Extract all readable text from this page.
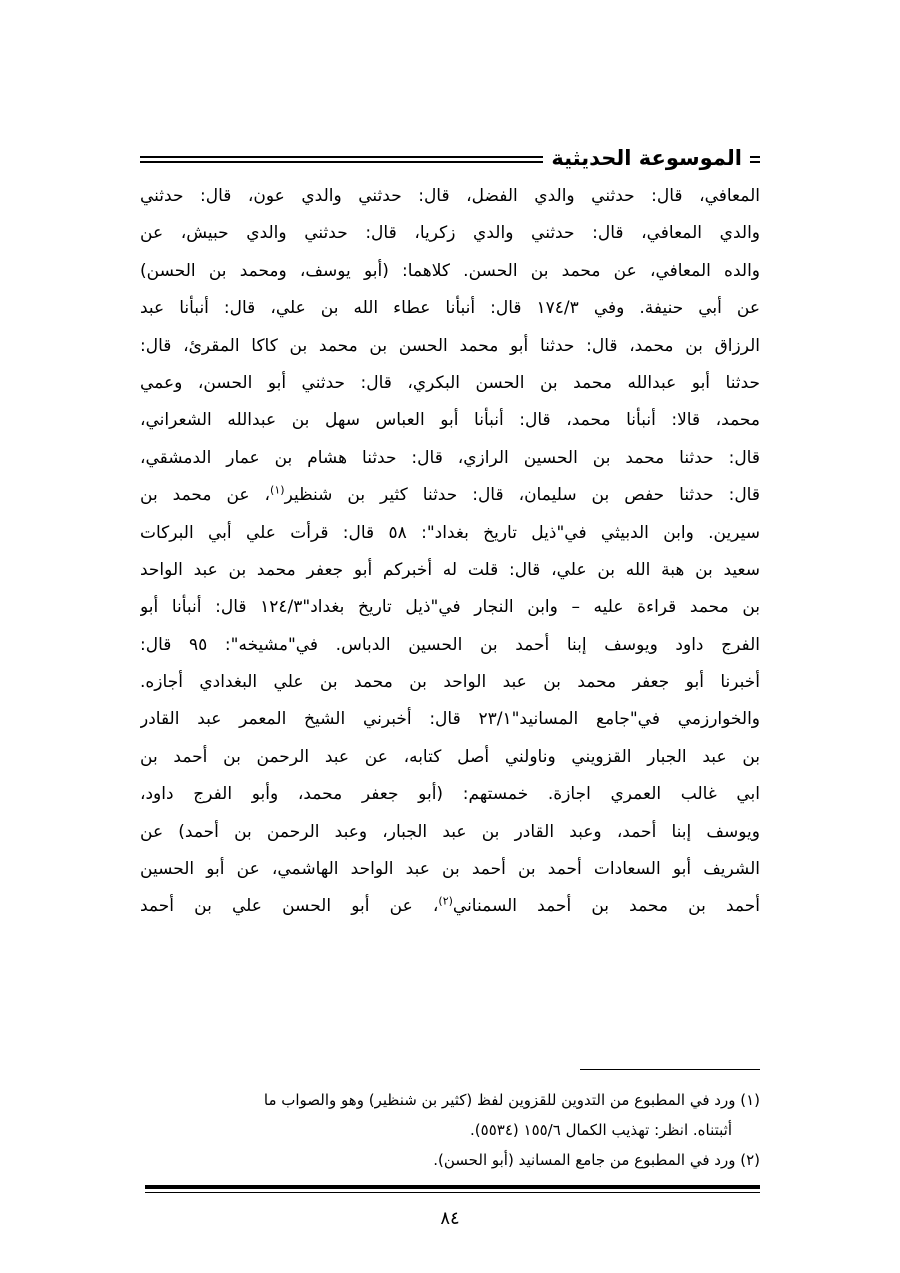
الموسوعة الحديثية
المعافي، قال: حدثني والدي الفضل، قال: حدثني والدي عون، قال: حدثني
والدي المعافي، قال: حدثني والدي زكريا، قال: حدثني والدي حبيش، عن
والده المعافي، عن محمد بن الحسن. كلاهما: (أبو يوسف، ومحمد بن الحسن)
عن أبي حنيفة. وفي ١٧٤/٣ قال: أنبأنا عطاء الله بن علي، قال: أنبأنا عبد
الرزاق بن محمد، قال: حدثنا أبو محمد الحسن بن محمد بن كاكا المقرئ، قال:
حدثنا أبو عبدالله محمد بن الحسن البكري، قال: حدثني أبو الحسن، وعمي
محمد، قالا: أنبأنا محمد، قال: أنبأنا أبو العباس سهل بن عبدالله الشعراني،
قال: حدثنا محمد بن الحسين الرازي، قال: حدثنا هشام بن عمار الدمشقي،
قال: حدثنا حفص بن سليمان، قال: حدثنا كثير بن شنظير$^{(١)}$، عن محمد بن
سيرين. وابن الدبيثي في"ذيل تاريخ بغداد": ٥٨ قال: قرأت علي أبي البركات
سعيد بن هبة الله بن علي، قال: قلت له أخبركم أبو جعفر محمد بن عبد الواحد
بن محمد قراءة عليه – وابن النجار في"ذيل تاريخ بغداد"١٢٤/٣ قال: أنبأنا أبو
الفرج داود ويوسف إبنا أحمد بن الحسين الدباس. في"مشيخه": ٩٥ قال:
أخبرنا أبو جعفر محمد بن عبد الواحد بن محمد بن علي البغدادي أجازه.
والخوارزمي في"جامع المسانيد"٢٣/١ قال: أخبرني الشيخ المعمر عبد القادر
بن عبد الجبار القزويني وناولني أصل كتابه، عن عبد الرحمن بن أحمد بن
ابي غالب العمري اجازة. خمستهم: (أبو جعفر محمد، وأبو الفرج داود،
ويوسف إبنا أحمد، وعبد القادر بن عبد الجبار، وعبد الرحمن بن أحمد) عن
الشريف أبو السعادات أحمد بن أحمد بن عبد الواحد الهاشمي، عن أبو الحسين
أحمد بن محمد بن أحمد السمناني$^{(٢)}$، عن أبو الحسن علي بن أحمد
(١) ورد في المطبوع من التدوين للقزوين لفظ (كثير بن شنظير) وهو والصواب ما
أثبتناه. انظر: تهذيب الكمال ١٥٥/٦ (٥٥٣٤).
(٢) ورد في المطبوع من جامع المسانيد (أبو الحسن).
٨٤
